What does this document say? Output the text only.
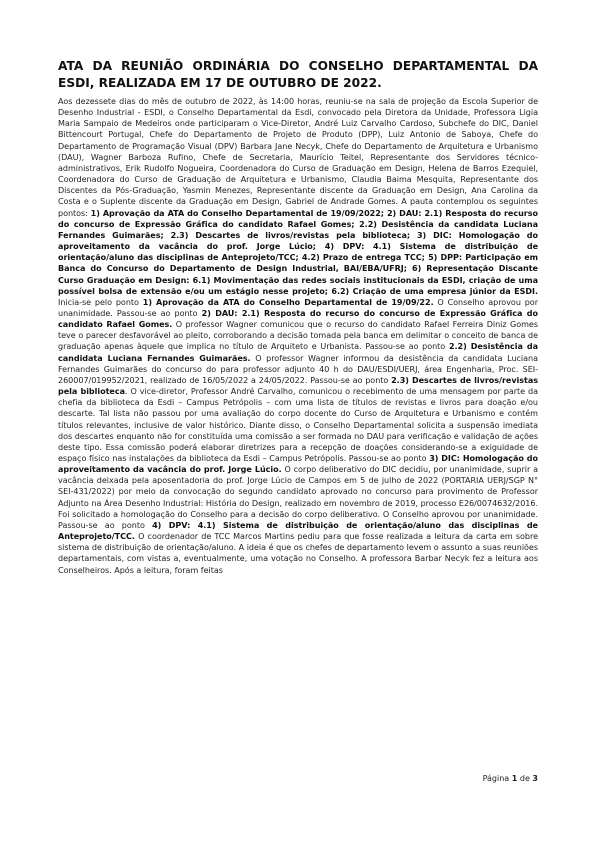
ATA DA REUNIÃO ORDINÁRIA DO CONSELHO DEPARTAMENTAL DA ESDI, REALIZADA EM 17 DE OUTUBRO DE 2022.

Aos dezessete dias do mês de outubro de 2022, às 14:00 horas, reuniu-se na sala de projeção da Escola Superior de Desenho Industrial - ESDI, o Conselho Departamental da Esdi, convocado pela Diretora da Unidade, Professora Ligia Maria Sampaio de Medeiros onde participaram o Vice-Diretor, André Luiz Carvalho Cardoso, Subchefe do DIC, Daniel Bittencourt Portugal, Chefe do Departamento de Projeto de Produto (DPP), Luiz Antonio de Saboya, Chefe do Departamento de Programação Visual (DPV) Barbara Jane Necyk, Chefe do Departamento de Arquitetura e Urbanismo (DAU), Wagner Barboza Rufino, Chefe de Secretaria, Maurício Teitel, Representante dos Servidores técnico-administrativos, Erik Rudolfo Nogueira, Coordenadora do Curso de Graduação em Design, Helena de Barros Ezequiel, Coordenadora do Curso de Graduação de Arquitetura e Urbanismo, Claudia Baima Mesquita, Representante dos Discentes da Pós-Graduação, Yasmin Menezes, Representante discente da Graduação em Design, Ana Carolina da Costa e o Suplente discente da Graduação em Design, Gabriel de Andrade Gomes. A pauta contemplou os seguintes pontos: 1) Aprovação da ATA do Conselho Departamental de 19/09/2022; 2) DAU: 2.1) Resposta do recurso do concurso de Expressão Gráfica do candidato Rafael Gomes; 2.2) Desistência da candidata Luciana Fernandes Guimarães; 2.3) Descartes de livros/revistas pela biblioteca; 3) DIC: Homologação do aproveitamento da vacância do prof. Jorge Lúcio; 4) DPV: 4.1) Sistema de distribuição de orientação/aluno das disciplinas de Anteprojeto/TCC; 4.2) Prazo de entrega TCC; 5) DPP: Participação em Banca do Concurso do Departamento de Design Industrial, BAI/EBA/UFRJ; 6) Representação Discante Curso Graduação em Design: 6.1) Movimentação das redes sociais institucionais da ESDI, criação de uma possível bolsa de extensão e/ou um estágio nesse projeto; 6.2) Criação de uma empresa júnior da ESDI. Inicia-se pelo ponto 1) Aprovação da ATA do Conselho Departamental de 19/09/22. O Conselho aprovou por unanimidade. Passou-se ao ponto 2) DAU: 2.1) Resposta do recurso do concurso de Expressão Gráfica do candidato Rafael Gomes. O professor Wagner comunicou que o recurso do candidato Rafael Ferreira Diniz Gomes teve o parecer desfavorável ao pleito, corroborando a decisão tomada pela banca em delimitar o conceito de banca de graduação apenas àquele que implica no título de Arquiteto e Urbanista. Passou-se ao ponto 2.2) Desistência da candidata Luciana Fernandes Guimarães. O professor Wagner informou da desistência da candidata Luciana Fernandes Guimarães do concurso do para professor adjunto 40 h do DAU/ESDI/UERJ, área Engenharia, Proc. SEI-260007/019952/2021, realizado de 16/05/2022 a 24/05/2022. Passou-se ao ponto 2.3) Descartes de livros/revistas pela biblioteca. O vice-diretor, Professor André Carvalho, comunicou o recebimento de uma mensagem por parte da chefia da biblioteca da Esdi – Campus Petrópolis – com uma lista de títulos de revistas e livros para doação e/ou descarte. Tal lista não passou por uma avaliação do corpo docente do Curso de Arquitetura e Urbanismo e contém títulos relevantes, inclusive de valor histórico. Diante disso, o Conselho Departamental solicita a suspensão imediata dos descartes enquanto não for constituída uma comissão a ser formada no DAU para verificação e validação de ações deste tipo. Essa comissão poderá elaborar diretrizes para a recepção de doações considerando-se a exiguidade de espaço físico nas instalações da biblioteca da Esdi – Campus Petrópolis. Passou-se ao ponto 3) DIC: Homologação do aproveitamento da vacância do prof. Jorge Lúcio. O corpo deliberativo do DIC decidiu, por unanimidade, suprir a vacância deixada pela aposentadoria do prof. Jorge Lúcio de Campos em 5 de julho de 2022 (PORTARIA UERJ/SGP N° SEI-431/2022) por meio da convocação do segundo candidato aprovado no concurso para provimento de Professor Adjunto na Área Desenho Industrial: História do Design, realizado em novembro de 2019, processo E26/0074632/2016. Foi solicitado a homologação do Conselho para a decisão do corpo deliberativo. O Conselho aprovou por unanimidade. Passou-se ao ponto 4) DPV: 4.1) Sistema de distribuição de orientação/aluno das disciplinas de Anteprojeto/TCC. O coordenador de TCC Marcos Martins pediu para que fosse realizada a leitura da carta em sobre sistema de distribuição de orientação/aluno. A ideia é que os chefes de departamento levem o assunto a suas reuniões departamentais, com vistas a, eventualmente, uma votação no Conselho. A professora Barbar Necyk fez a leitura aos Conselheiros. Após a leitura, foram feitas

Página 1 de 3
